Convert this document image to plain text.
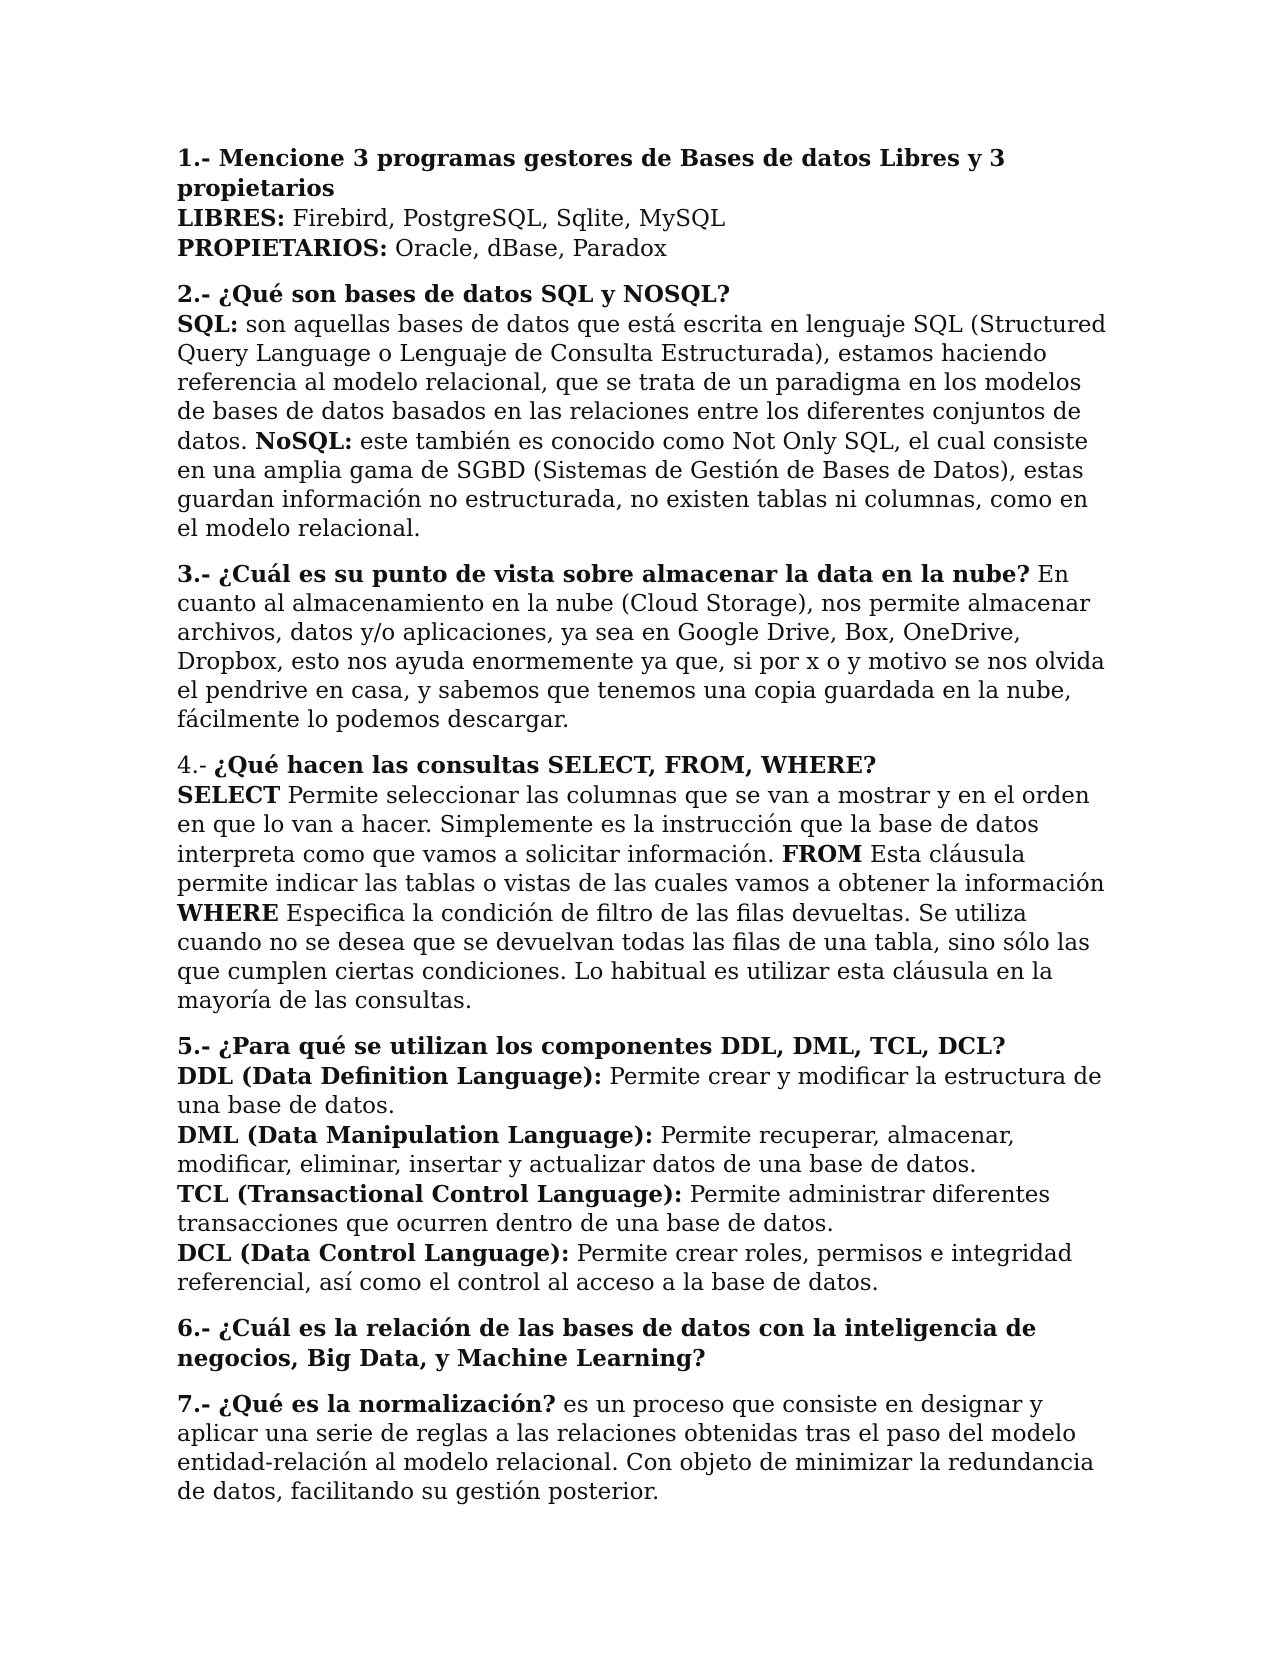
1.- Mencione 3 programas gestores de Bases de datos Libres y 3 propietarios

LIBRES: Firebird, PostgreSQL, Sqlite, MySQL

PROPIETARIOS: Oracle, dBase, Paradox

2.- ¿Qué son bases de datos SQL y NOSQL?

SQL: son aquellas bases de datos que está escrita en lenguaje SQL (Structured Query Language o Lenguaje de Consulta Estructurada), estamos haciendo referencia al modelo relacional, que se trata de un paradigma en los modelos de bases de datos basados en las relaciones entre los diferentes conjuntos de datos. NoSQL: este también es conocido como Not Only SQL, el cual consiste en una amplia gama de SGBD (Sistemas de Gestión de Bases de Datos), estas guardan información no estructurada, no existen tablas ni columnas, como en el modelo relacional.

3.- ¿Cuál es su punto de vista sobre almacenar la data en la nube? En cuanto al almacenamiento en la nube (Cloud Storage), nos permite almacenar archivos, datos y/o aplicaciones, ya sea en Google Drive, Box, OneDrive, Dropbox, esto nos ayuda enormemente ya que, si por x o y motivo se nos olvida el pendrive en casa, y sabemos que tenemos una copia guardada en la nube, fácilmente lo podemos descargar.

4.- ¿Qué hacen las consultas SELECT, FROM, WHERE?

SELECT Permite seleccionar las columnas que se van a mostrar y en el orden en que lo van a hacer. Simplemente es la instrucción que la base de datos interpreta como que vamos a solicitar información. FROM Esta cláusula permite indicar las tablas o vistas de las cuales vamos a obtener la información WHERE Especifica la condición de filtro de las filas devueltas. Se utiliza cuando no se desea que se devuelvan todas las filas de una tabla, sino sólo las que cumplen ciertas condiciones. Lo habitual es utilizar esta cláusula en la mayoría de las consultas.

5.- ¿Para qué se utilizan los componentes DDL, DML, TCL, DCL?

DDL (Data Definition Language): Permite crear y modificar la estructura de una base de datos.

DML (Data Manipulation Language): Permite recuperar, almacenar, modificar, eliminar, insertar y actualizar datos de una base de datos.

TCL (Transactional Control Language): Permite administrar diferentes transacciones que ocurren dentro de una base de datos.

DCL (Data Control Language): Permite crear roles, permisos e integridad referencial, así como el control al acceso a la base de datos.

6.- ¿Cuál es la relación de las bases de datos con la inteligencia de negocios, Big Data, y Machine Learning?

7.- ¿Qué es la normalización? es un proceso que consiste en designar y aplicar una serie de reglas a las relaciones obtenidas tras el paso del modelo entidad-relación al modelo relacional. Con objeto de minimizar la redundancia de datos, facilitando su gestión posterior.
